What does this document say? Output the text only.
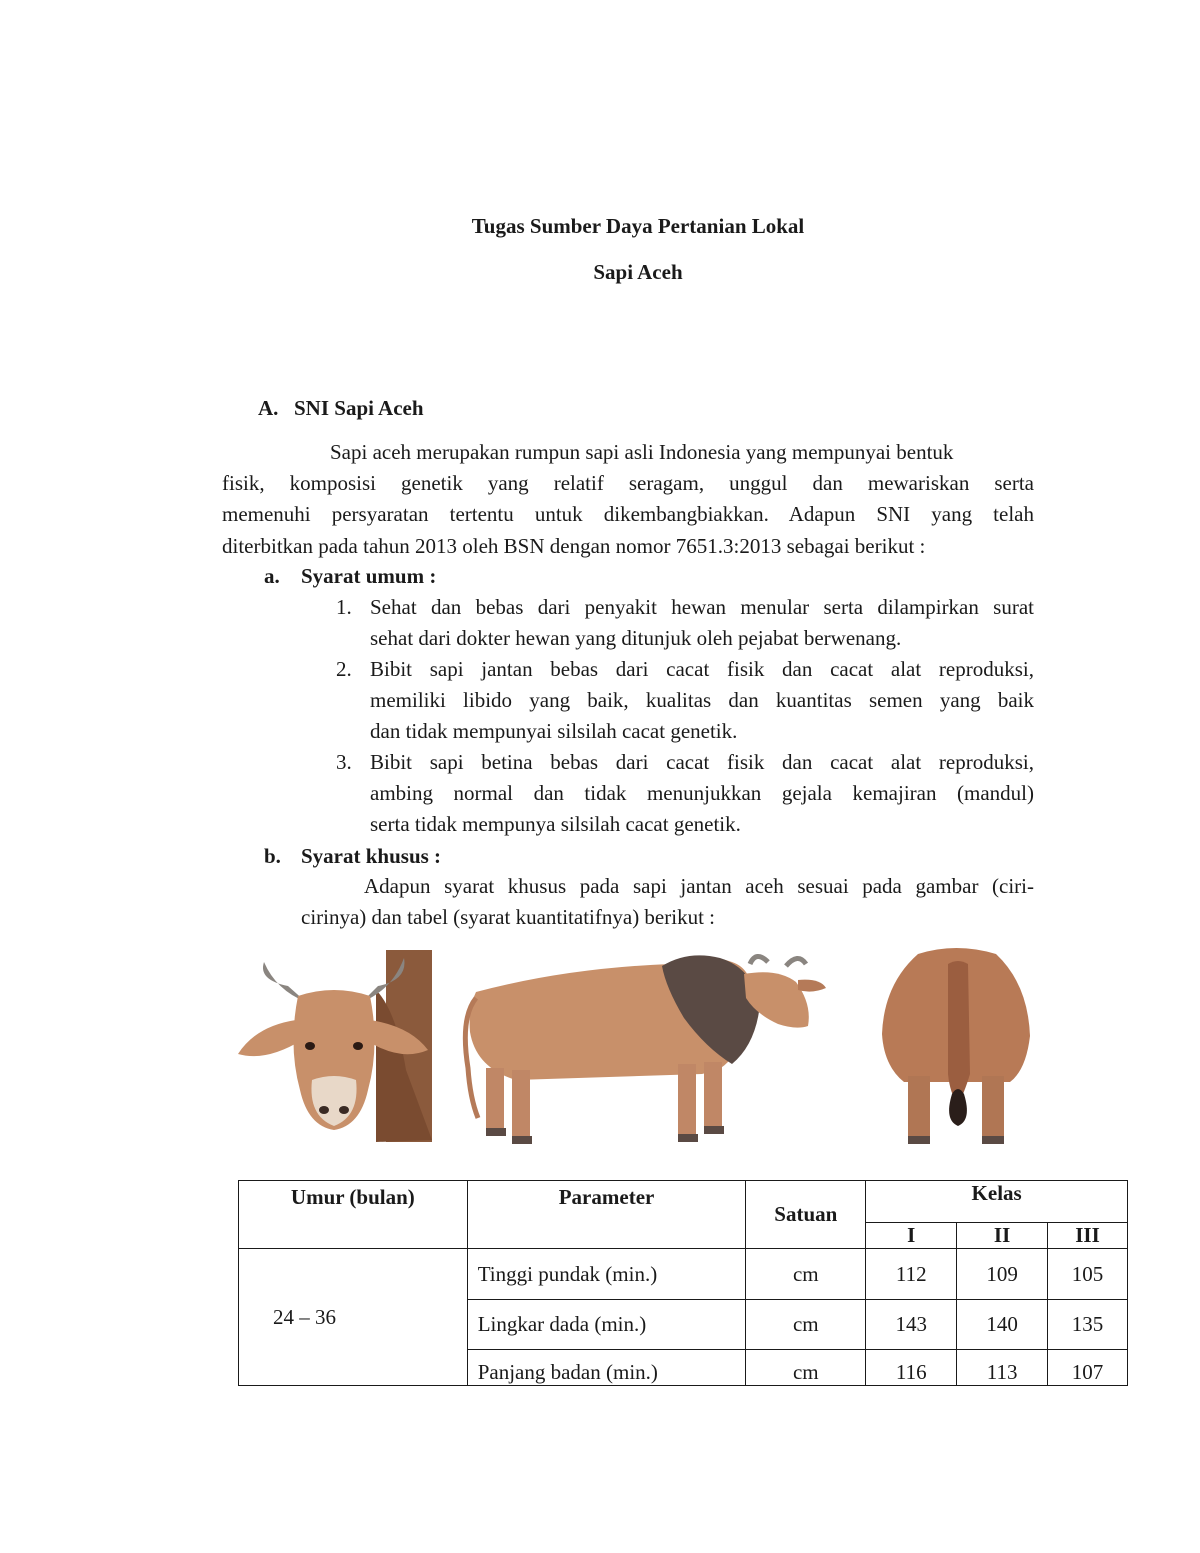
Tugas Sumber Daya Pertanian Lokal
Sapi Aceh
A. SNI Sapi Aceh
Sapi aceh merupakan rumpun sapi asli Indonesia yang mempunyai bentuk
fisik, komposisi genetik yang relatif seragam, unggul dan mewariskan serta
memenuhi persyaratan tertentu untuk dikembangbiakkan. Adapun SNI yang telah
diterbitkan pada tahun 2013 oleh BSN dengan nomor 7651.3:2013 sebagai berikut :
a. Syarat umum :
1. Sehat dan bebas dari penyakit hewan menular serta dilampirkan surat
sehat dari dokter hewan yang ditunjuk oleh pejabat berwenang.
2. Bibit sapi jantan bebas dari cacat fisik dan cacat alat reproduksi,
memiliki libido yang baik, kualitas dan kuantitas semen yang baik
dan tidak mempunyai silsilah cacat genetik.
3. Bibit sapi betina bebas dari cacat fisik dan cacat alat reproduksi,
ambing normal dan tidak menunjukkan gejala kemajiran (mandul)
serta tidak mempunya silsilah cacat genetik.
b. Syarat khusus :
Adapun syarat khusus pada sapi jantan aceh sesuai pada gambar (ciri-
cirinya) dan tabel (syarat kuantitatifnya) berikut :
Umur (bulan)	Parameter	Satuan	Kelas		
			I	II	III
24 – 36	Tinggi pundak (min.)	cm	112	109	105
	Lingkar dada (min.)	cm	143	140	135
	Panjang badan (min.)	cm	116	113	107
